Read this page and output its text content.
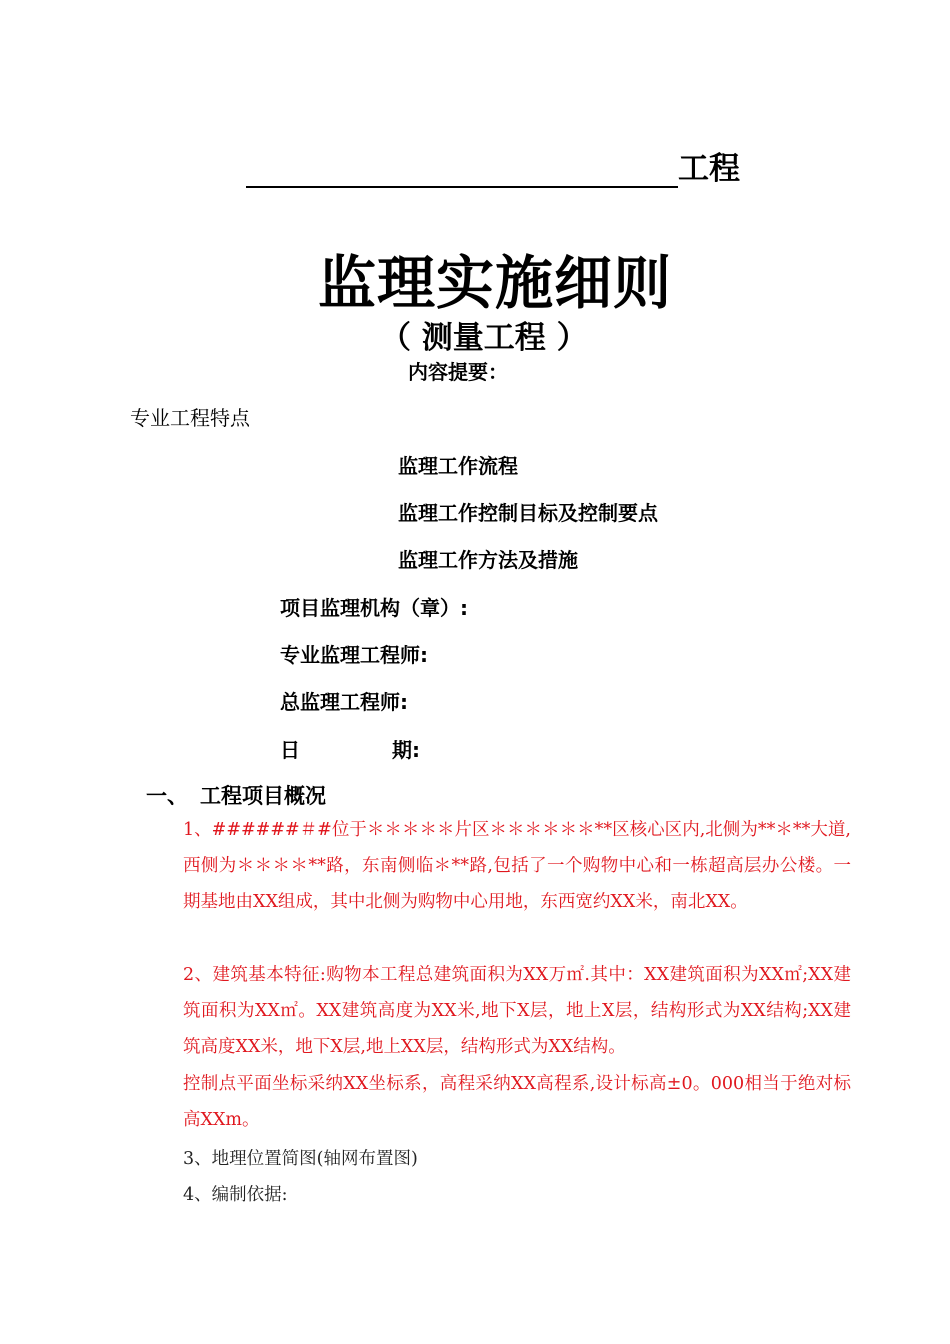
工程
监理实施细则
（ 测量工程 ）
内容提要：
专业工程特点
监理工作流程
监理工作控制目标及控制要点
监理工作方法及措施
项目监理机构（章）:
专业监理工程师:
总监理工程师:
日	期:
一、 工程项目概况
1、######＃#位于＊＊＊＊＊片区＊＊＊＊＊＊**区核心区内,北侧为**＊**大道,西侧为＊＊＊＊**路，东南侧临＊**路,包括了一个购物中心和一栋超高层办公楼。一期基地由XX组成，其中北侧为购物中心用地，东西宽约XX米，南北XX。
2、建筑基本特征:购物本工程总建筑面积为XX万㎡.其中：XX建筑面积为XX㎡;XX建筑面积为XX㎡。XX建筑高度为XX米,地下X层，地上X层，结构形式为XX结构;XX建筑高度XX米，地下X层,地上XX层，结构形式为XX结构。
控制点平面坐标采纳XX坐标系，高程采纳XX高程系,设计标高±0。000相当于绝对标高XXm。
3、地理位置简图(轴网布置图)
4、编制依据:
